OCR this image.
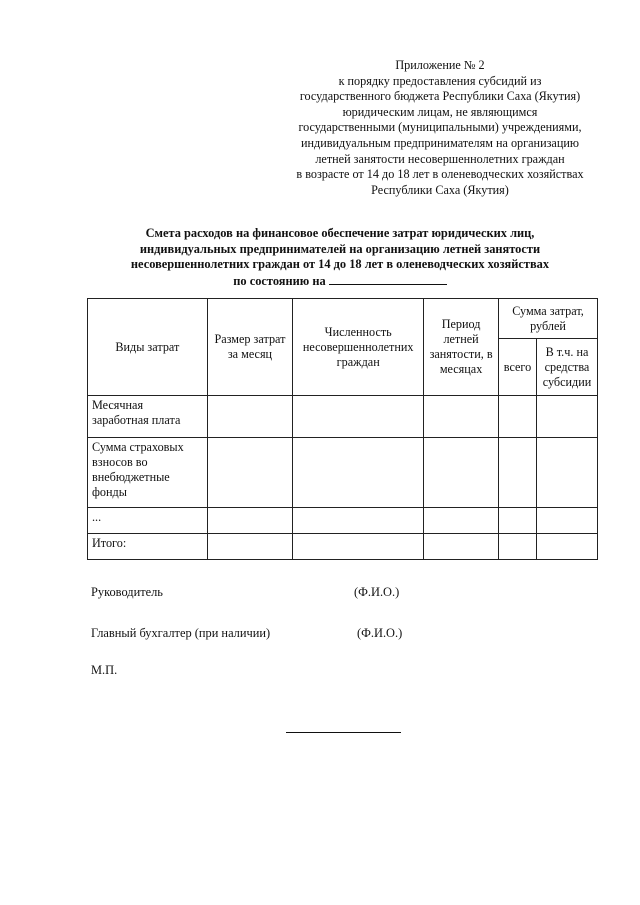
Приложение № 2
к порядку предоставления субсидий из
государственного бюджета Республики Саха (Якутия)
юридическим лицам, не являющимся
государственными (муниципальными) учреждениями,
индивидуальным предпринимателям на организацию
летней занятости несовершеннолетних граждан
в возрасте от 14 до 18 лет в оленеводческих хозяйствах
Республики Саха (Якутия)
Смета расходов на финансовое обеспечение затрат юридических лиц,
индивидуальных предпринимателей на организацию летней занятости
несовершеннолетних граждан от 14 до 18 лет в оленеводческих хозяйствах
по состоянию на
Виды затрат	Размер затрат за месяц	Численность несовершеннолетних граждан	Период летней занятости, в месяцах	Сумма затрат, рублей	
				всего	В т.ч. на средства субсидии
Месячная заработная плата					
Сумма страховых взносов во внебюджетные фонды					
...					
Итого:					
Руководитель	(Ф.И.О.)
Главный бухгалтер (при наличии)	(Ф.И.О.)
М.П.
